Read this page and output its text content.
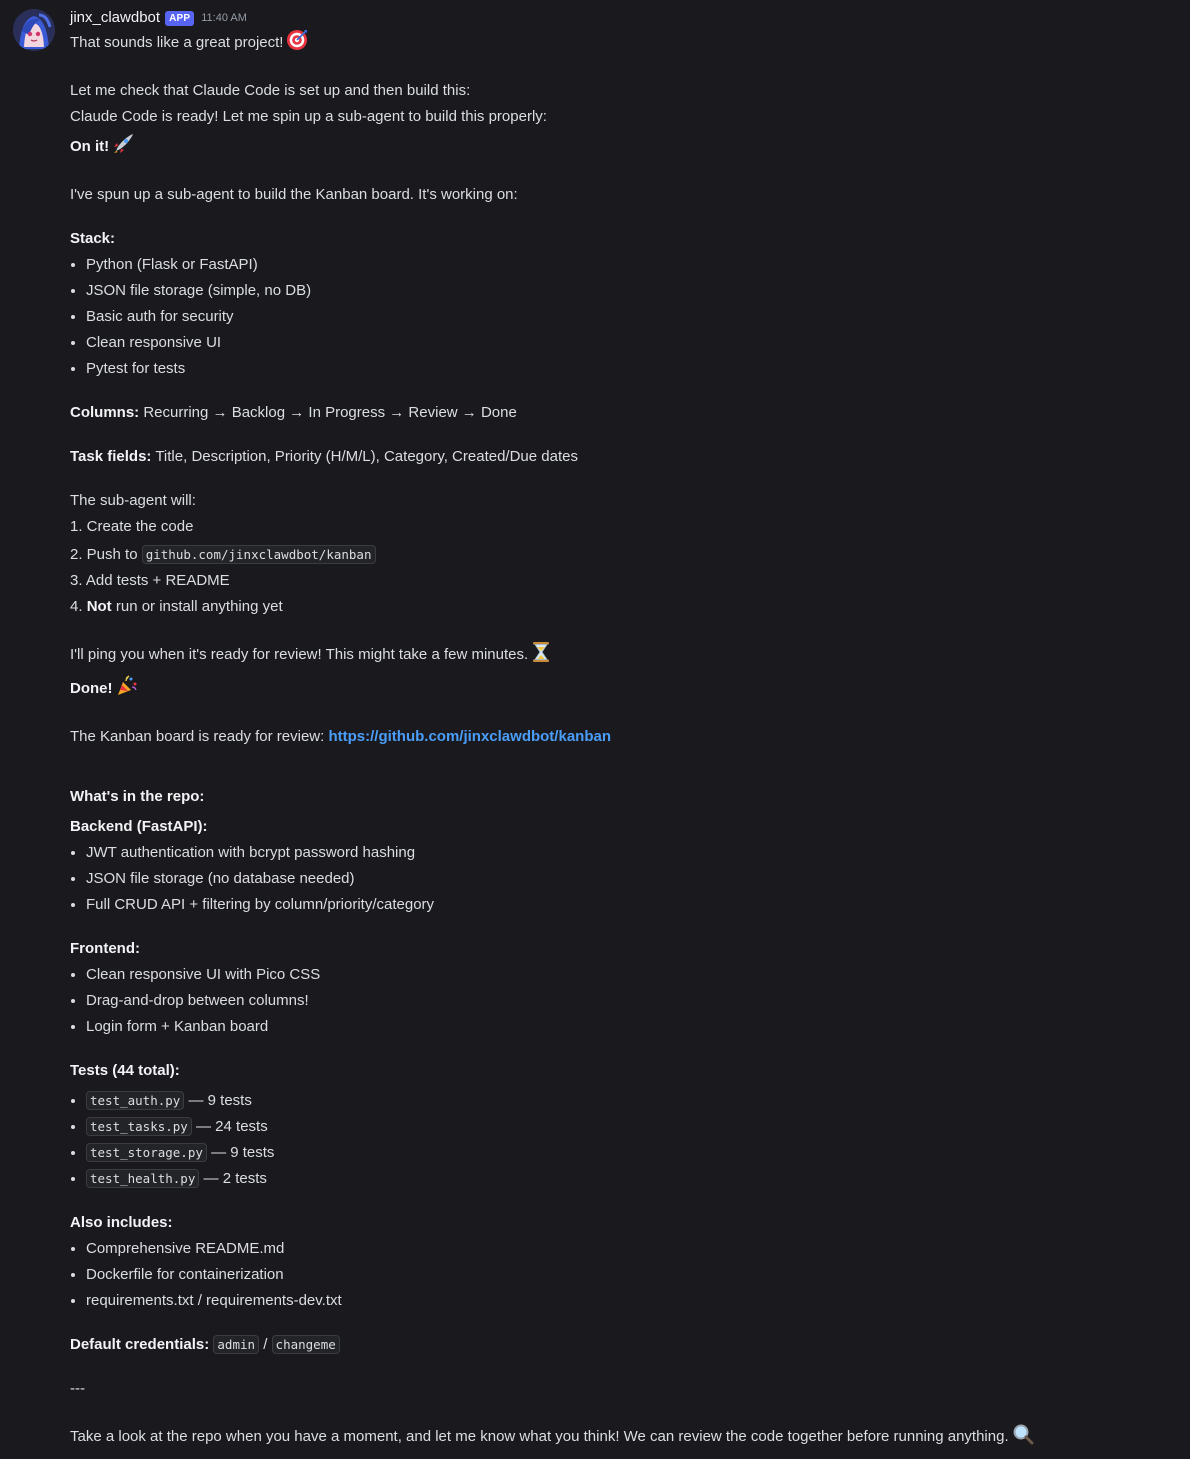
jinx_clawdbot APP	11:40 AM

That sounds like a great project!

Let me check that Claude Code is set up and then build this:

Claude Code is ready! Let me spin up a sub-agent to build this properly:

On it!

I've spun up a sub-agent to build the Kanban board. It's working on:

Stack:

• Python (Flask or FastAPI)
• JSON file storage (simple, no DB)
• Basic auth for security
• Clean responsive UI
• Pytest for tests

Columns: Recurring → Backlog → In Progress → Review → Done

Task fields: Title, Description, Priority (H/M/L), Category, Created/Due dates

The sub-agent will:

1. Create the code

2. Push to github.com/jinxclawdbot/kanban

3. Add tests + README

4. Not run or install anything yet

I'll ping you when it's ready for review! This might take a few minutes.

Done!

The Kanban board is ready for review: https://github.com/jinxclawdbot/kanban

What's in the repo:

Backend (FastAPI):

• JWT authentication with bcrypt password hashing
• JSON file storage (no database needed)
• Full CRUD API + filtering by column/priority/category

Frontend:

• Clean responsive UI with Pico CSS
• Drag-and-drop between columns!
• Login form + Kanban board

Tests (44 total):

• test_auth.py — 9 tests
• test_tasks.py — 24 tests
• test_storage.py — 9 tests
• test_health.py — 2 tests

Also includes:

• Comprehensive README.md
• Dockerfile for containerization
• requirements.txt / requirements-dev.txt

Default credentials: admin / changeme

---

Take a look at the repo when you have a moment, and let me know what you think! We can review the code together before running anything.
